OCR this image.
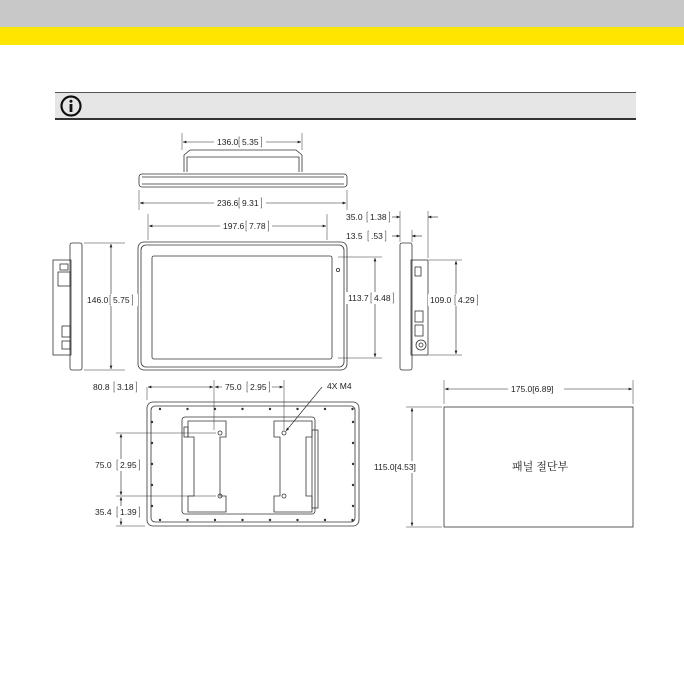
136.0 5.35
236.6 9.31
197.6 7.78
113.7 4.48
146.0 5.75
35.0 1.38
13.5 .53
109.0 4.29
80.8 3.18	75.0 2.95	4X M4
75.0 2.95
35.4 1.39
패널 절단부
175.0[6.89]
115.0[4.53]
